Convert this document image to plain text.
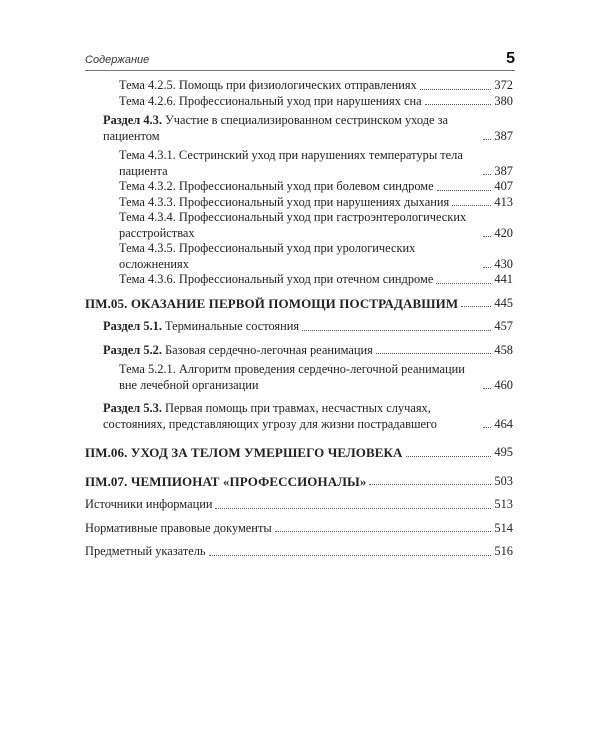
Содержание	5
Тема 4.2.5. Помощь при физиологических отправлениях	372
Тема 4.2.6. Профессиональный уход при нарушениях сна	380
Раздел 4.3. Участие в специализированном сестринском уходе за пациентом	387
Тема 4.3.1. Сестринский уход при нарушениях температуры тела пациента	387
Тема 4.3.2. Профессиональный уход при болевом синдроме	407
Тема 4.3.3. Профессиональный уход при нарушениях дыхания	413
Тема 4.3.4. Профессиональный уход при гастроэнтерологических расстройствах	420
Тема 4.3.5. Профессиональный уход при урологических осложнениях	430
Тема 4.3.6. Профессиональный уход при отечном синдроме	441
ПМ.05. ОКАЗАНИЕ ПЕРВОЙ ПОМОЩИ ПОСТРАДАВШИМ	445
Раздел 5.1. Терминальные состояния	457
Раздел 5.2. Базовая сердечно-легочная реанимация	458
Тема 5.2.1. Алгоритм проведения сердечно-легочной реанимации вне лечебной организации	460
Раздел 5.3. Первая помощь при травмах, несчастных случаях, состояниях, представляющих угрозу для жизни пострадавшего	464
ПМ.06. УХОД ЗА ТЕЛОМ УМЕРШЕГО ЧЕЛОВЕКА	495
ПМ.07. ЧЕМПИОНАТ «ПРОФЕССИОНАЛЫ»	503
Источники информации	513
Нормативные правовые документы	514
Предметный указатель	516
